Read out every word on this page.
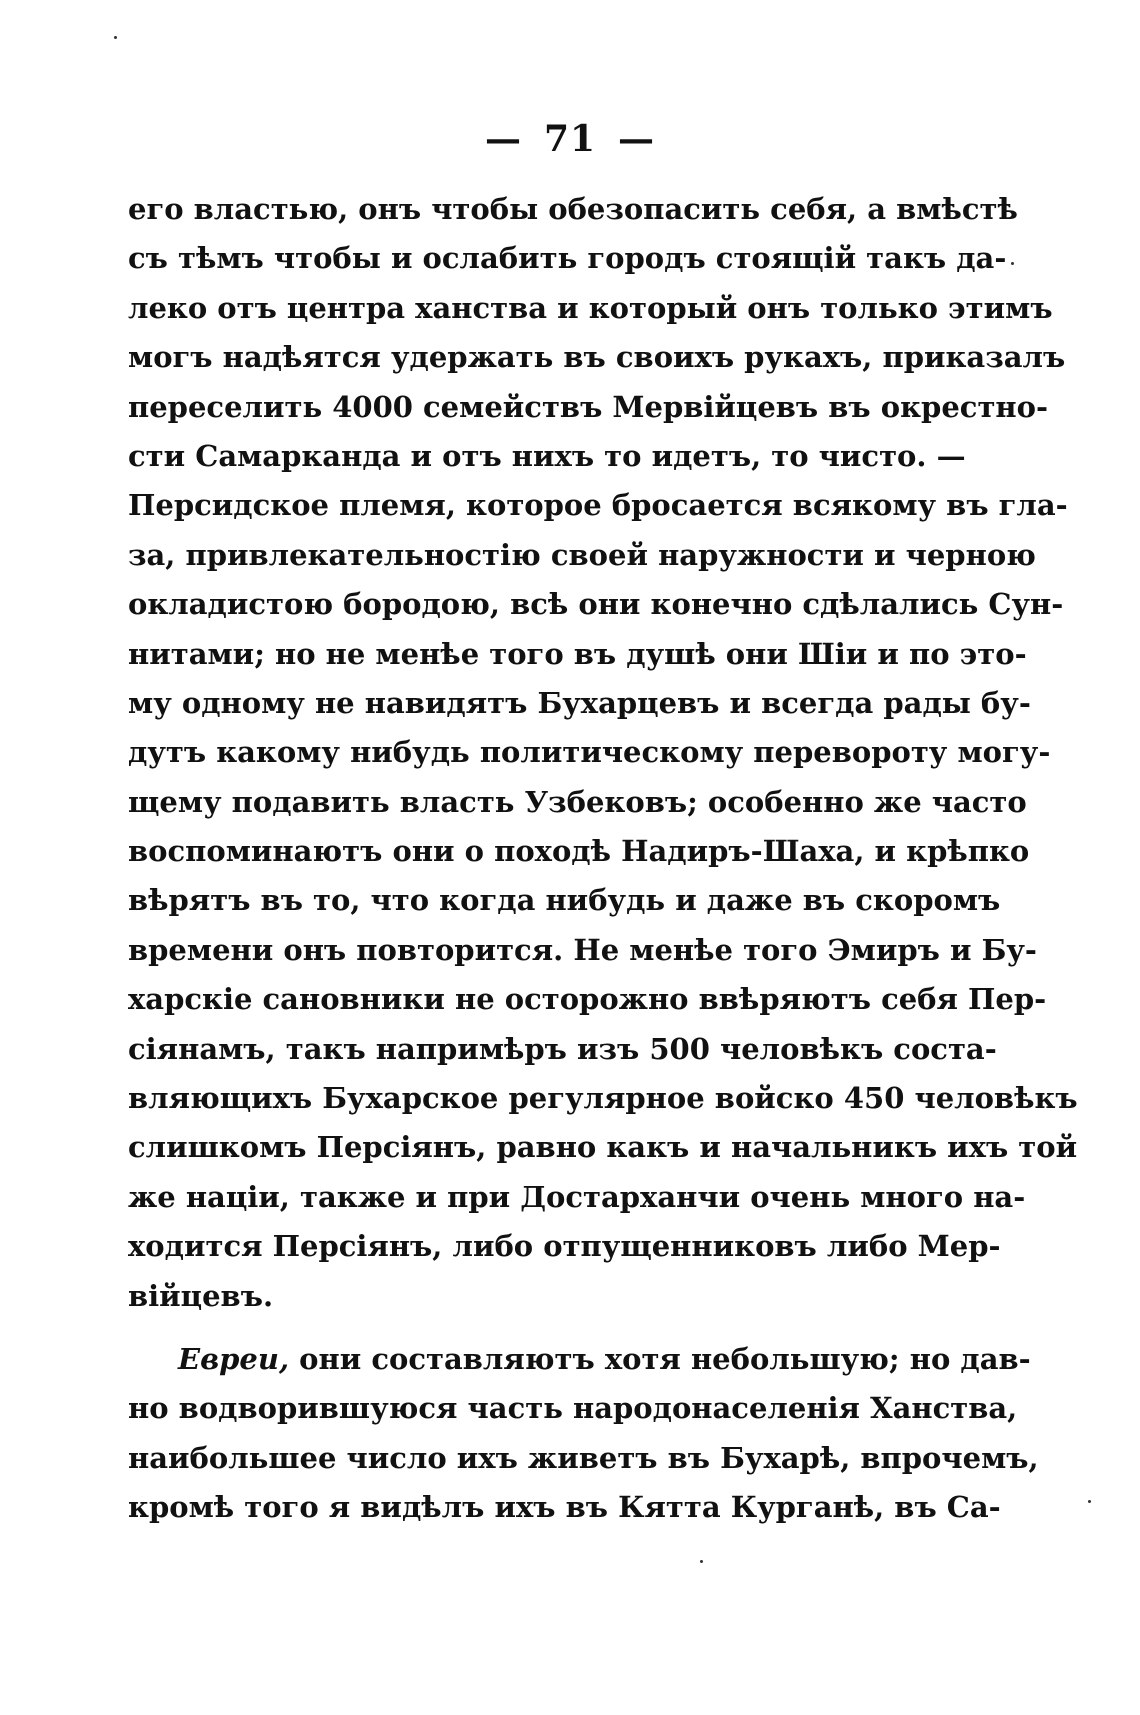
— 71 —
его властью, онъ чтобы обезопасить себя, а вмѣстѣ
съ тѣмъ чтобы и ослабить городъ стоящій такъ да-
леко отъ центра ханства и который онъ только этимъ
могъ надѣятся удержать въ своихъ рукахъ, приказалъ
переселить 4000 семействъ Мервійцевъ въ окрестно-
сти Самарканда и отъ нихъ то идетъ, то чисто. —
Персидское племя, которое бросается всякому въ гла-
за, привлекательностію своей наружности и черною
окладистою бородою, всѣ они конечно сдѣлались Сун-
нитами; но не менѣе того въ душѣ они Шіи и по это-
му одному не навидятъ Бухарцевъ и всегда рады бу-
дутъ какому нибудь политическому перевороту могу-
щему подавить власть Узбековъ; особенно же часто
воспоминаютъ они о походѣ Надиръ-Шаха, и крѣпко
вѣрятъ въ то, что когда нибудь и даже въ скоромъ
времени онъ повторится. Не менѣе того Эмиръ и Бу-
харскіе сановники не осторожно ввѣряютъ себя Пер-
сіянамъ, такъ напримѣръ изъ 500 человѣкъ соста-
вляющихъ Бухарское регулярное войско 450 человѣкъ
слишкомъ Персіянъ, равно какъ и начальникъ ихъ той
же націи, также и при Достарханчи очень много на-
ходится Персіянъ, либо отпущенниковъ либо Мер-
війцевъ.
Евреи, они составляютъ хотя небольшую; но дав-
но водворившуюся часть народонаселенія Ханства,
наибольшее число ихъ живетъ въ Бухарѣ, впрочемъ,
кромѣ того я видѣлъ ихъ въ Кятта Курганѣ, въ Са-
